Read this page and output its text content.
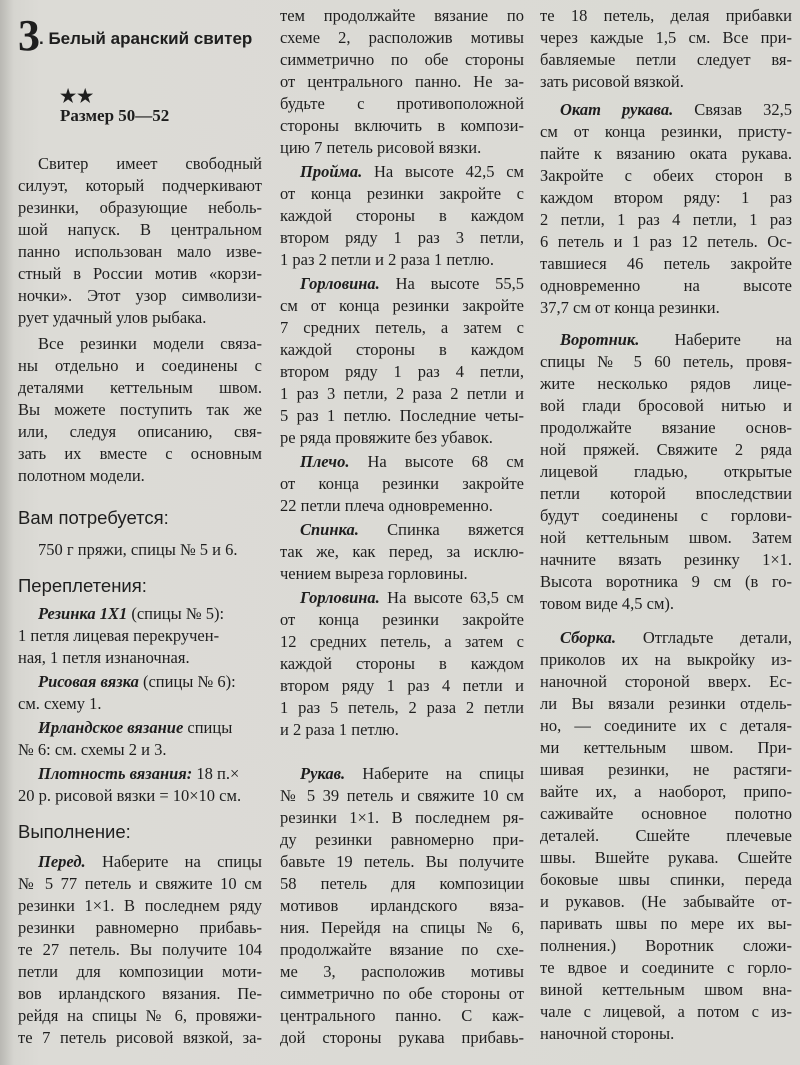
3. Белый аранский свитер
★★
Размер 50—52
Свитер имеет свободный
силуэт, который подчеркивают
резинки, образующие неболь-
шой напуск. В центральном
панно использован мало изве-
стный в России мотив «корзи-
ночки». Этот узор символизи-
рует удачный улов рыбака.
Все резинки модели связа-
ны отдельно и соединены с
деталями кеттельным швом.
Вы можете поступить так же
или, следуя описанию, свя-
зать их вместе с основным
полотном модели.
Вам потребуется:
750 г пряжи, спицы № 5 и 6.
Переплетения:
Резинка 1Х1 (спицы № 5):
1 петля лицевая перекручен-
ная, 1 петля изнаночная.
Рисовая вязка (спицы № 6):
см. схему 1.
Ирландское вязание спицы
№ 6: см. схемы 2 и 3.
Плотность вязания: 18 п.×
20 р. рисовой вязки = 10×10 см.
Выполнение:
Перед. Наберите на спицы
№ 5 77 петель и свяжите 10 см
резинки 1×1. В последнем ряду
резинки равномерно прибавь-
те 27 петель. Вы получите 104
петли для композиции моти-
вов ирландского вязания. Пе-
рейдя на спицы № 6, провяжи-
те 7 петель рисовой вязкой, за-
тем продолжайте вязание по
схеме 2, расположив мотивы
симметрично по обе стороны
от центрального панно. Не за-
будьте с противоположной
стороны включить в компози-
цию 7 петель рисовой вязки.
Пройма. На высоте 42,5 см
от конца резинки закройте с
каждой стороны в каждом
втором ряду 1 раз 3 петли,
1 раз 2 петли и 2 раза 1 петлю.
Горловина. На высоте 55,5
см от конца резинки закройте
7 средних петель, а затем с
каждой стороны в каждом
втором ряду 1 раз 4 петли,
1 раз 3 петли, 2 раза 2 петли и
5 раз 1 петлю. Последние четы-
ре ряда провяжите без убавок.
Плечо. На высоте 68 см
от конца резинки закройте
22 петли плеча одновременно.
Спинка. Спинка вяжется
так же, как перед, за исклю-
чением выреза горловины.
Горловина. На высоте 63,5 см
от конца резинки закройте
12 средних петель, а затем с
каждой стороны в каждом
втором ряду 1 раз 4 петли и
1 раз 5 петель, 2 раза 2 петли
и 2 раза 1 петлю.
Рукав. Наберите на спицы
№ 5 39 петель и свяжите 10 см
резинки 1×1. В последнем ря-
ду резинки равномерно при-
бавьте 19 петель. Вы получите
58 петель для композиции
мотивов ирландского вяза-
ния. Перейдя на спицы № 6,
продолжайте вязание по схе-
ме 3, расположив мотивы
симметрично по обе стороны от
центрального панно. С каж-
дой стороны рукава прибавь-
те 18 петель, делая прибавки
через каждые 1,5 см. Все при-
бавляемые петли следует вя-
зать рисовой вязкой.
Окат рукава. Связав 32,5
см от конца резинки, присту-
пайте к вязанию оката рукава.
Закройте с обеих сторон в
каждом втором ряду: 1 раз
2 петли, 1 раз 4 петли, 1 раз
6 петель и 1 раз 12 петель. Ос-
тавшиеся 46 петель закройте
одновременно на высоте
37,7 см от конца резинки.
Воротник. Наберите на
спицы № 5 60 петель, провя-
жите несколько рядов лице-
вой глади бросовой нитью и
продолжайте вязание основ-
ной пряжей. Свяжите 2 ряда
лицевой гладью, открытые
петли которой впоследствии
будут соединены с горлови-
ной кеттельным швом. Затем
начните вязать резинку 1×1.
Высота воротника 9 см (в го-
товом виде 4,5 см).
Сборка. Отгладьте детали,
приколов их на выкройку из-
наночной стороной вверх. Ес-
ли Вы вязали резинки отдель-
но, — соедините их с деталя-
ми кеттельным швом. При-
шивая резинки, не растяги-
вайте их, а наоборот, припо-
саживайте основное полотно
деталей. Сшейте плечевые
швы. Вшейте рукава. Сшейте
боковые швы спинки, переда
и рукавов. (Не забывайте от-
паривать швы по мере их вы-
полнения.) Воротник сложи-
те вдвое и соедините с горло-
виной кеттельным швом вна-
чале с лицевой, а потом с из-
наночной стороны.
